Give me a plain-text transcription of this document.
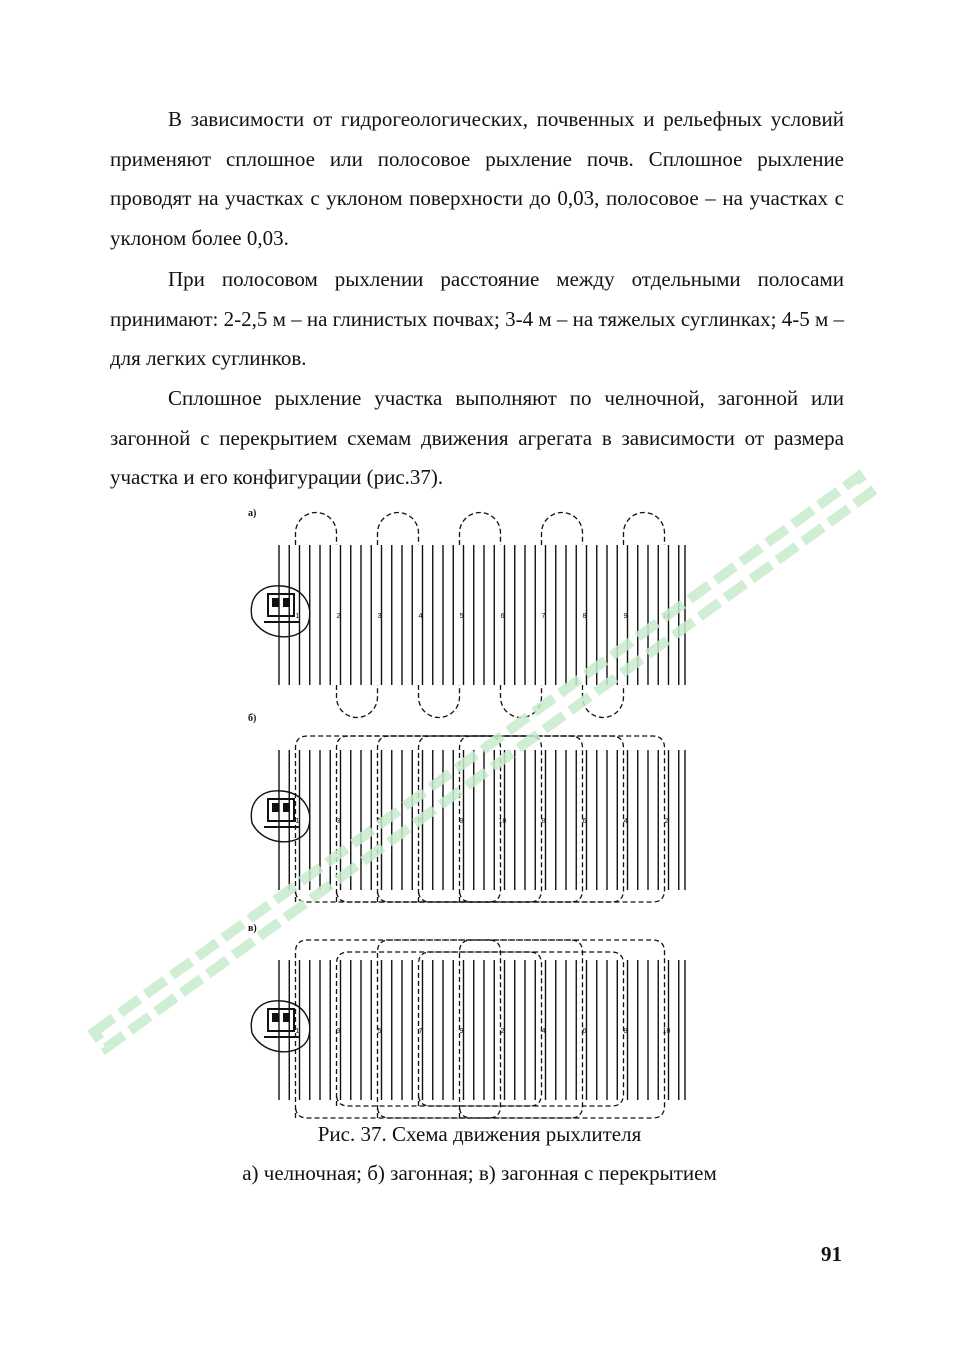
В зависимости от гидрогеологических, почвенных и рельефных условий применяют сплошное или полосовое рыхление почв. Сплошное рыхление проводят на участках с уклоном поверхности до 0,03, полосовое – на участках с уклоном более 0,03.

При полосовом рыхлении расстояние между отдельными полосами принимают: 2-2,5 м – на глинистых почвах; 3-4 м – на тяжелых суглинках; 4-5 м – для легких суглинков.

Сплошное рыхление участка выполняют по челночной, загонной или загонной с перекрытием схемам движения агрегата в зависимости от размера участка и его конфигурации (рис.37).

а)
1	2	3	4	5	6	7	8	9	10
б)
1	3	5	7	9	10	8	6	4	2
в)
1	3	5	7	9	2	4	6	8	10

Рис. 37. Схема движения рыхлителя

а) челночная; б) загонная; в) загонная с перекрытием

91
